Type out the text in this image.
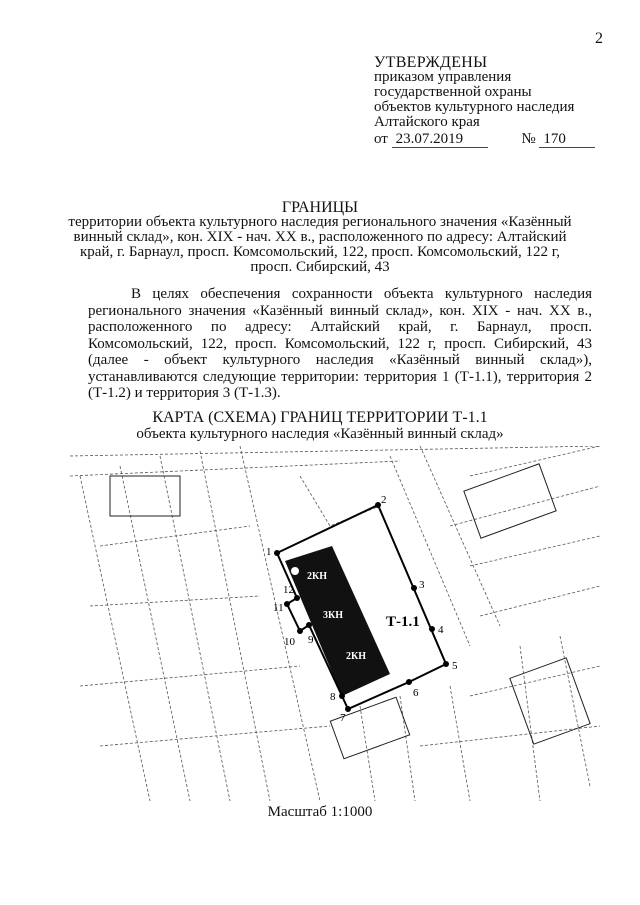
2
УТВЕРЖДЕНЫ
приказом управления
государственной охраны
объектов культурного наследия
Алтайского края
от 23.07.2019	№ 170
ГРАНИЦЫ
территории объекта культурного наследия регионального значения «Казённый
винный склад», кон. XIX - нач. XX в., расположенного по адресу: Алтайский
край, г. Барнаул, просп. Комсомольский, 122, просп. Комсомольский, 122 г,
просп. Сибирский, 43
В целях обеспечения сохранности объекта культурного наследия регионального значения «Казённый винный склад», кон. XIX - нач. XX в., расположенного по адресу: Алтайский край, г. Барнаул, просп. Комсомольский, 122, просп. Комсомольский, 122 г, просп. Сибирский, 43 (далее - объект культурного наследия «Казённый винный склад»), устанавливаются следующие территории: территория 1 (Т-1.1), территория 2 (Т-1.2) и территория 3 (Т-1.3).
КАРТА (СХЕМА) ГРАНИЦ ТЕРРИТОРИИ Т-1.1
объекта культурного наследия «Казённый винный склад»
1
2
3
4
5
6
7
8
9
10
11
12
2КН
3КН
2КН
Т-1.1
Масштаб 1:1000
